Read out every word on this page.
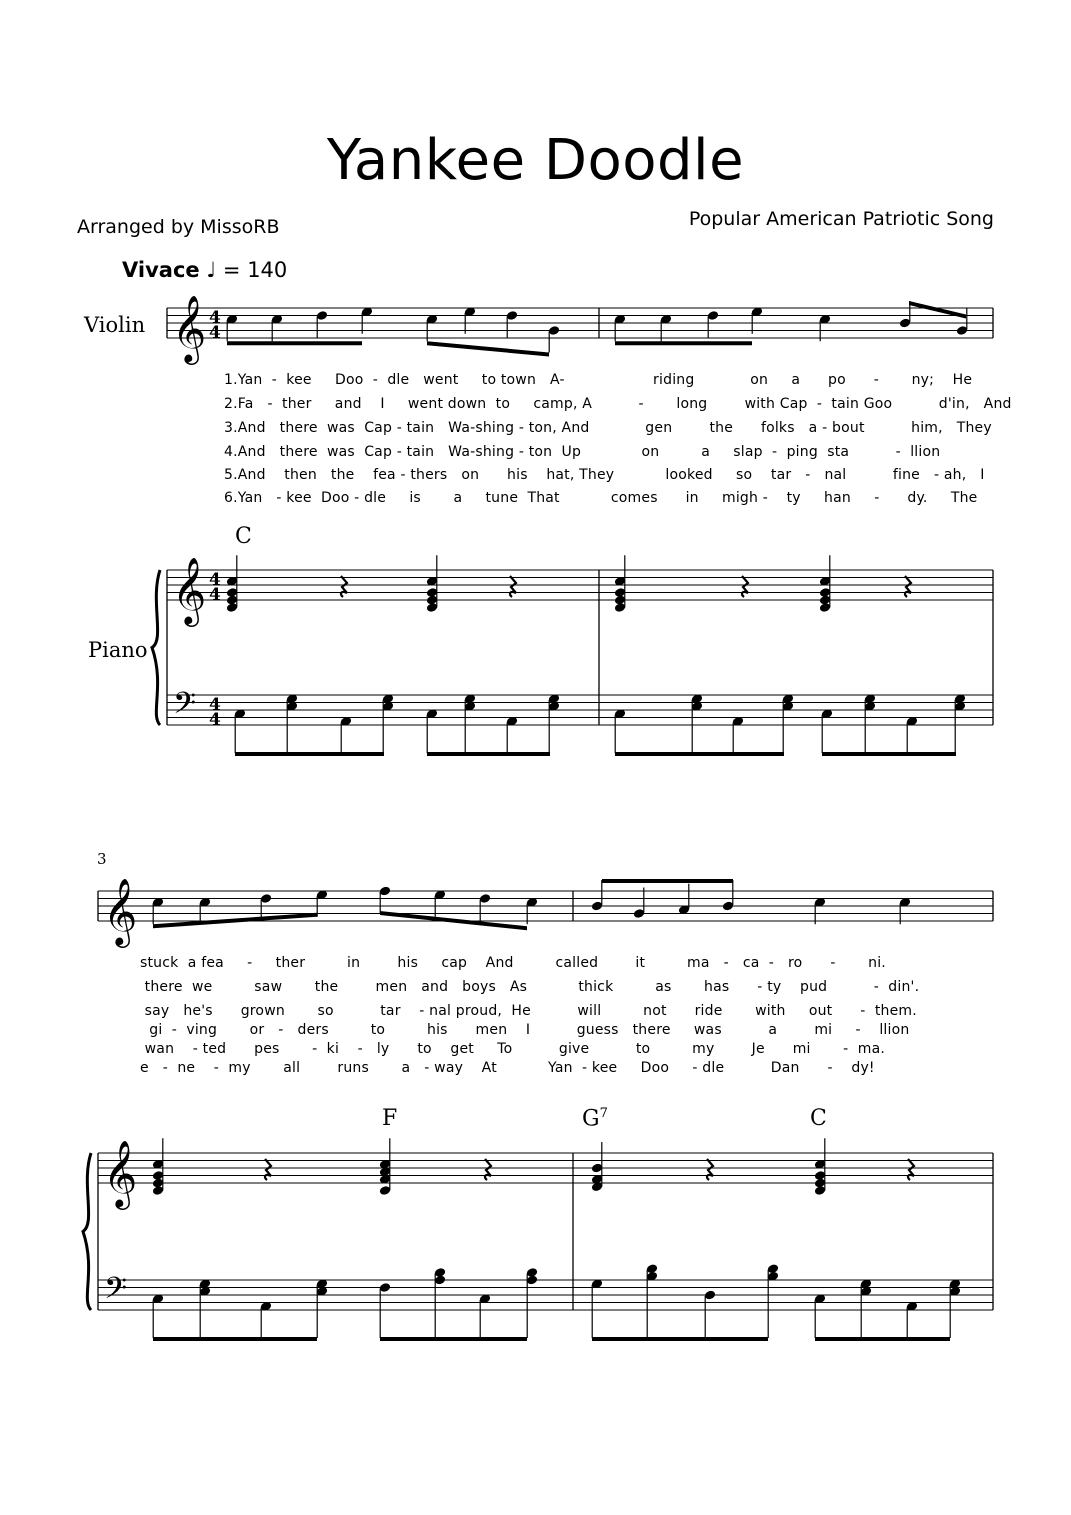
Yankee Doodle
Arranged by MissoRB	Popular American Patriotic Song
Vivace ♩ = 140
Violin
Piano
1.Yan  -  kee     Doo  -  dle   went     to town   A-                   riding            on     a      po      -       ny;    He
2.Fa   -  ther     and    I     went down  to     camp, A          -       long        with Cap  -  tain Goo          d'in,   And
3.And   there  was  Cap - tain   Wa-shing - ton, And            gen        the      folks   a - bout          him,   They
4.And   there  was  Cap - tain   Wa-shing - ton  Up             on         a     slap  -  ping  sta          -  llion
5.And    then   the    fea - thers   on      his    hat, They           looked     so    tar   -   nal          fine   - ah,   I
6.Yan   - kee  Doo - dle     is       a     tune  That           comes      in     migh -    ty     han     -      dy.     The
stuck  a fea     -     ther         in        his     cap    And         called        it         ma   -   ca  -   ro      -       ni.
there  we         saw       the        men   and   boys   As           thick         as       has      - ty    pud          -  din'.
say   he's      grown       so          tar    - nal proud,  He          will         not      ride       with     out      -  them.
gi  -  ving       or   -   ders         to         his      men    I          guess   there     was          a        mi     -    llion
wan    - ted      pes       -  ki    -   ly      to    get     To          give          to         my        Je      mi       -  ma.
e   -  ne    -  my       all        runs       a   - way    At           Yan  - kee     Doo     - dle          Dan      -    dy!
C
F	$G^7$	C
3
𝄞
𝄞
𝄢
4
4
4
4
4
4
𝄞
𝄞
𝄢
